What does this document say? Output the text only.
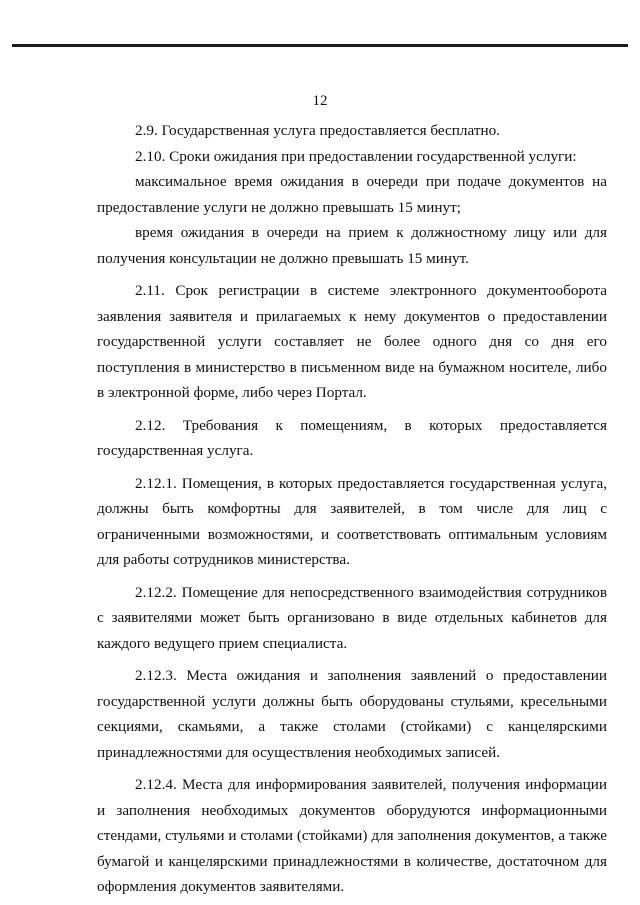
12

2.9. Государственная услуга предоставляется бесплатно.

2.10. Сроки ожидания при предоставлении государственной услуги:

максимальное время ожидания в очереди при подаче документов на предоставление услуги не должно превышать 15 минут;

время ожидания в очереди на прием к должностному лицу или для получения консультации не должно превышать 15 минут.

2.11. Срок регистрации в системе электронного документооборота заявления заявителя и прилагаемых к нему документов о предоставлении государственной услуги составляет не более одного дня со дня его поступления в министерство в письменном виде на бумажном носителе, либо в электронной форме, либо через Портал.

2.12. Требования к помещениям, в которых предоставляется государственная услуга.

2.12.1. Помещения, в которых предоставляется государственная услуга, должны быть комфортны для заявителей, в том числе для лиц с ограниченными возможностями, и соответствовать оптимальным условиям для работы сотрудников министерства.

2.12.2. Помещение для непосредственного взаимодействия сотрудников с заявителями может быть организовано в виде отдельных кабинетов для каждого ведущего прием специалиста.

2.12.3. Места ожидания и заполнения заявлений о предоставлении государственной услуги должны быть оборудованы стульями, кресельными секциями, скамьями, а также столами (стойками) с канцелярскими принадлежностями для осуществления необходимых записей.

2.12.4. Места для информирования заявителей, получения информации и заполнения необходимых документов оборудуются информационными стендами, стульями и столами (стойками) для заполнения документов, а также бумагой и канцелярскими принадлежностями в количестве, достаточном для оформления документов заявителями.
